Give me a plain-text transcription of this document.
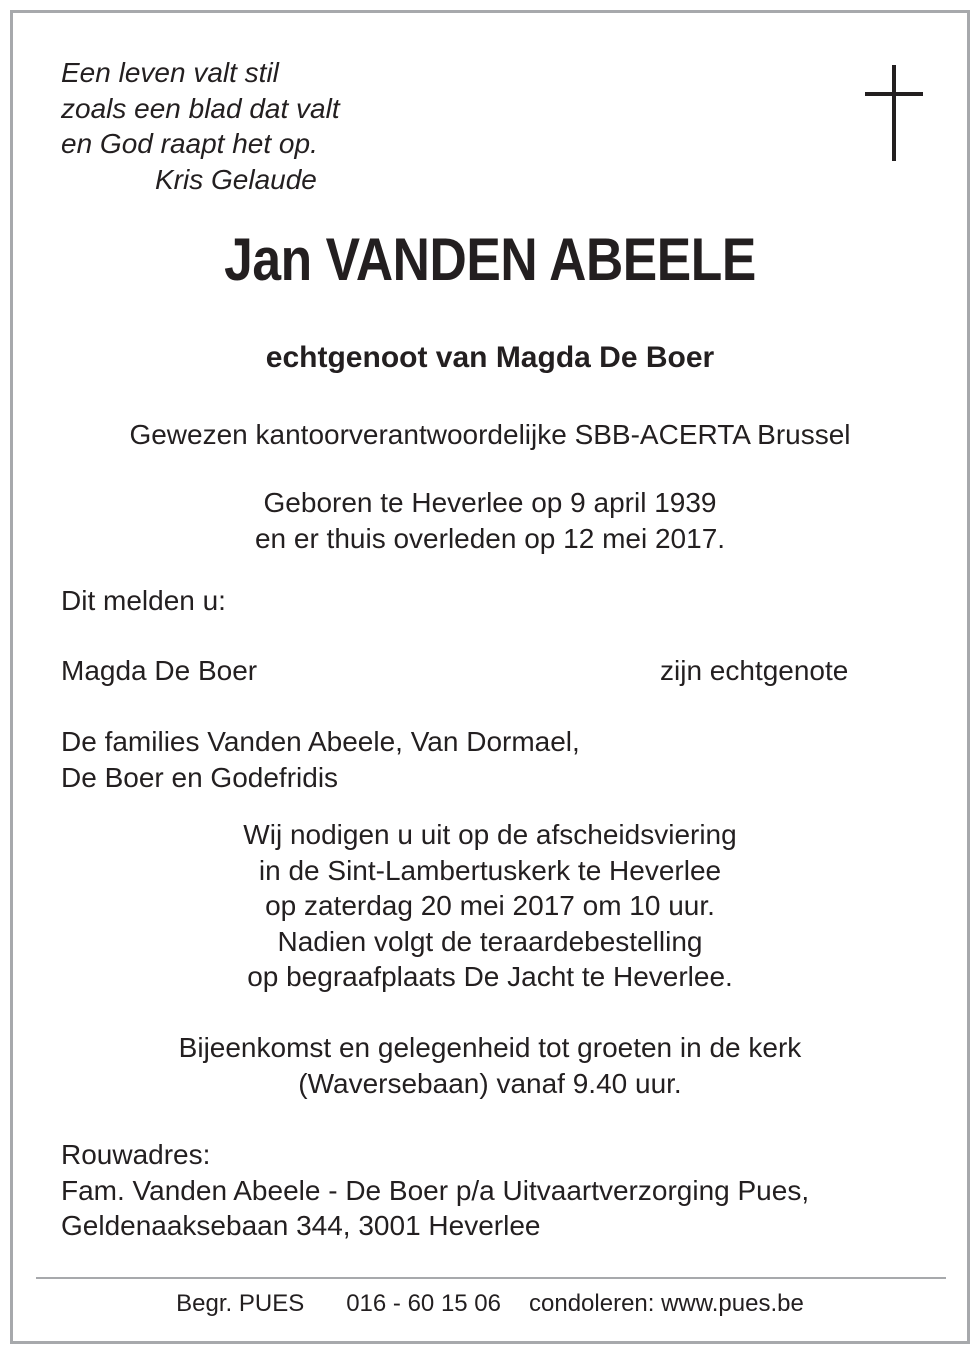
Een leven valt stil
zoals een blad dat valt
en God raapt het op.
Kris Gelaude
Jan VANDEN ABEELE
echtgenoot van Magda De Boer
Gewezen kantoorverantwoordelijke SBB-ACERTA Brussel
Geboren te Heverlee op 9 april 1939
en er thuis overleden op 12 mei 2017.
Dit melden u:
Magda De Boer	zijn echtgenote
De families Vanden Abeele, Van Dormael,
De Boer en Godefridis
Wij nodigen u uit op de afscheidsviering
in de Sint-Lambertuskerk te Heverlee
op zaterdag 20 mei 2017 om 10 uur.
Nadien volgt de teraardebestelling
op begraafplaats De Jacht te Heverlee.
Bijeenkomst en gelegenheid tot groeten in de kerk
(Waversebaan) vanaf 9.40 uur.
Rouwadres:
Fam. Vanden Abeele - De Boer p/a Uitvaartverzorging Pues,
Geldenaaksebaan 344, 3001 Heverlee
Begr. PUES 016 - 60 15 06 condoleren: www.pues.be
